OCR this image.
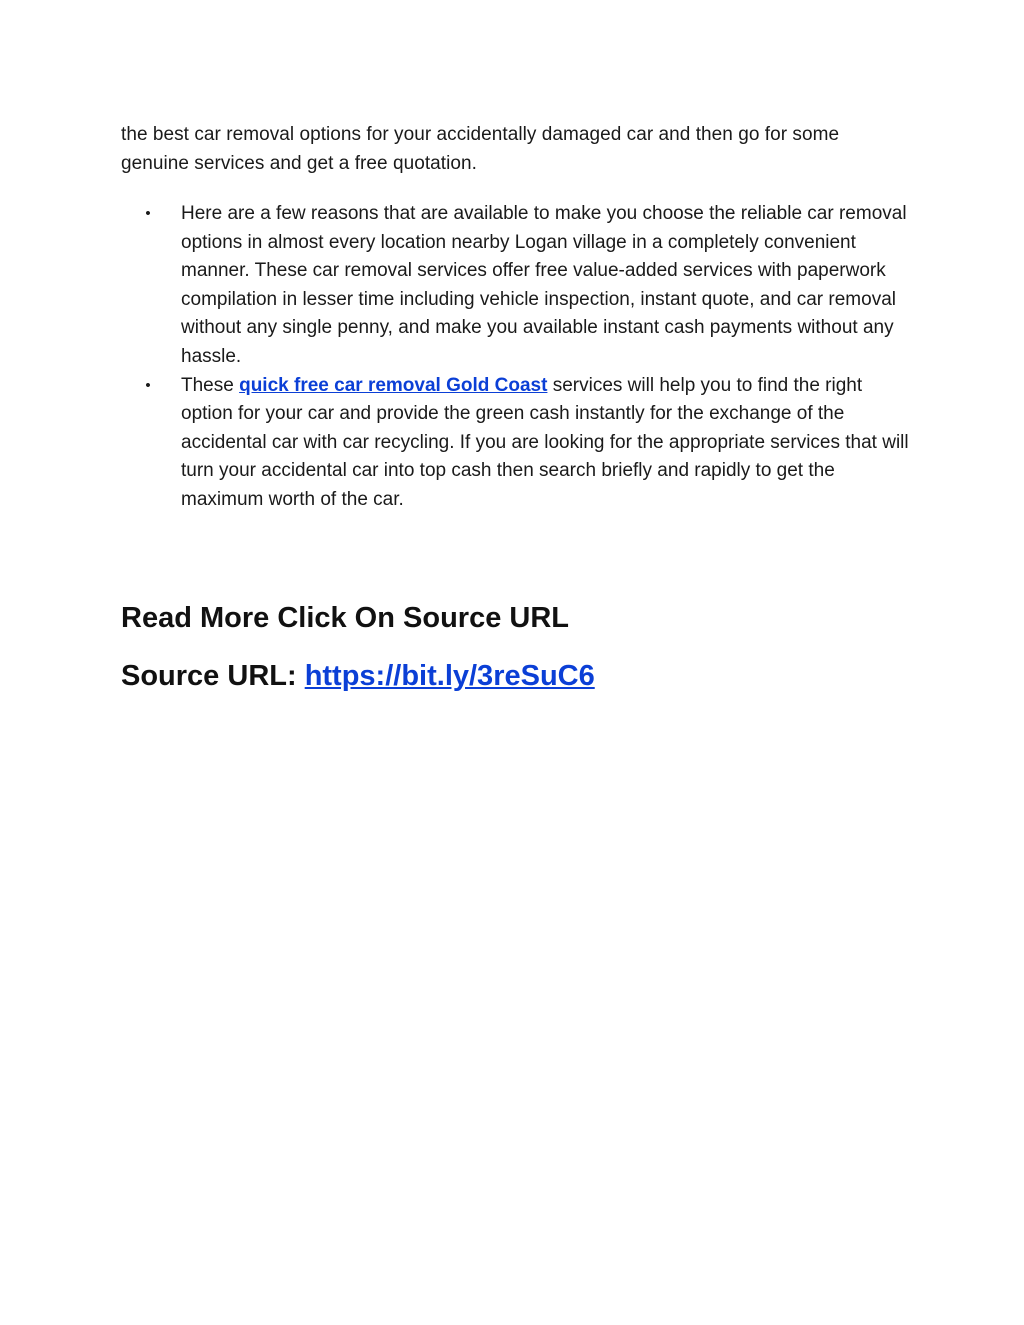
the best car removal options for your accidentally damaged car and then go for some genuine services and get a free quotation.

• Here are a few reasons that are available to make you choose the reliable car removal options in almost every location nearby Logan village in a completely convenient manner. These car removal services offer free value-added services with paperwork compilation in lesser time including vehicle inspection, instant quote, and car removal without any single penny, and make you available instant cash payments without any hassle.
• These quick free car removal Gold Coast services will help you to find the right option for your car and provide the green cash instantly for the exchange of the accidental car with car recycling. If you are looking for the appropriate services that will turn your accidental car into top cash then search briefly and rapidly to get the maximum worth of the car.
Read More Click On Source URL
Source URL: https://bit.ly/3reSuC6
